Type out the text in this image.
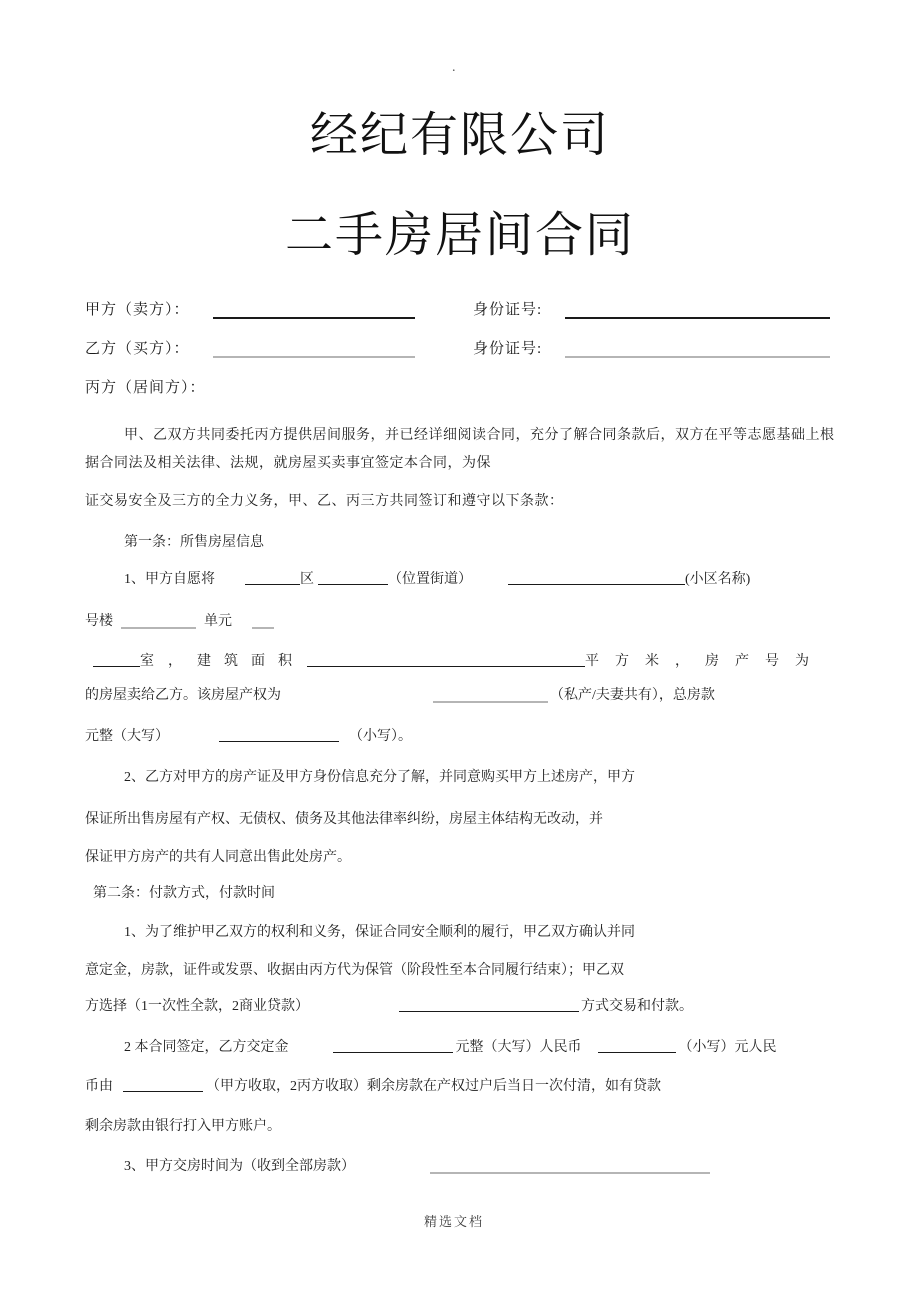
.
经纪有限公司
二手房居间合同
甲方（卖方）：	身份证号:
乙方（买方）：	身份证号:
丙方（居间方）：
甲、乙双方共同委托丙方提供居间服务，并已经详细阅读合同，充分了解合同条款后，双方在平等志愿基础上根
据合同法及相关法律、法规，就房屋买卖事宜签定本合同，为保
证交易安全及三方的全力义务，甲、乙、丙三方共同签订和遵守以下条款：
第一条：所售房屋信息
1、甲方自愿将	区	（位置街道）	(小区名称)
号楼	单元
室 ， 建筑面积	平方米，房产号为
的房屋卖给乙方。该房屋产权为	（私产/夫妻共有），总房款
元整（大写）	（小写）。
2、乙方对甲方的房产证及甲方身份信息充分了解，并同意购买甲方上述房产，甲方
保证所出售房屋有产权、无债权、债务及其他法律率纠纷，房屋主体结构无改动，并
保证甲方房产的共有人同意出售此处房产。
第二条：付款方式，付款时间
1、为了维护甲乙双方的权利和义务，保证合同安全顺利的履行，甲乙双方确认并同
意定金，房款，证件或发票、收据由丙方代为保管（阶段性至本合同履行结束）；甲乙双
方选择（1一次性全款，2商业贷款）	方式交易和付款。
2 本合同签定，乙方交定金	元整（大写）人民币	（小写）元人民
币由	（甲方收取，2丙方收取）剩余房款在产权过户后当日一次付清，如有贷款
剩余房款由银行打入甲方账户。
3、甲方交房时间为（收到全部房款）
精选文档
